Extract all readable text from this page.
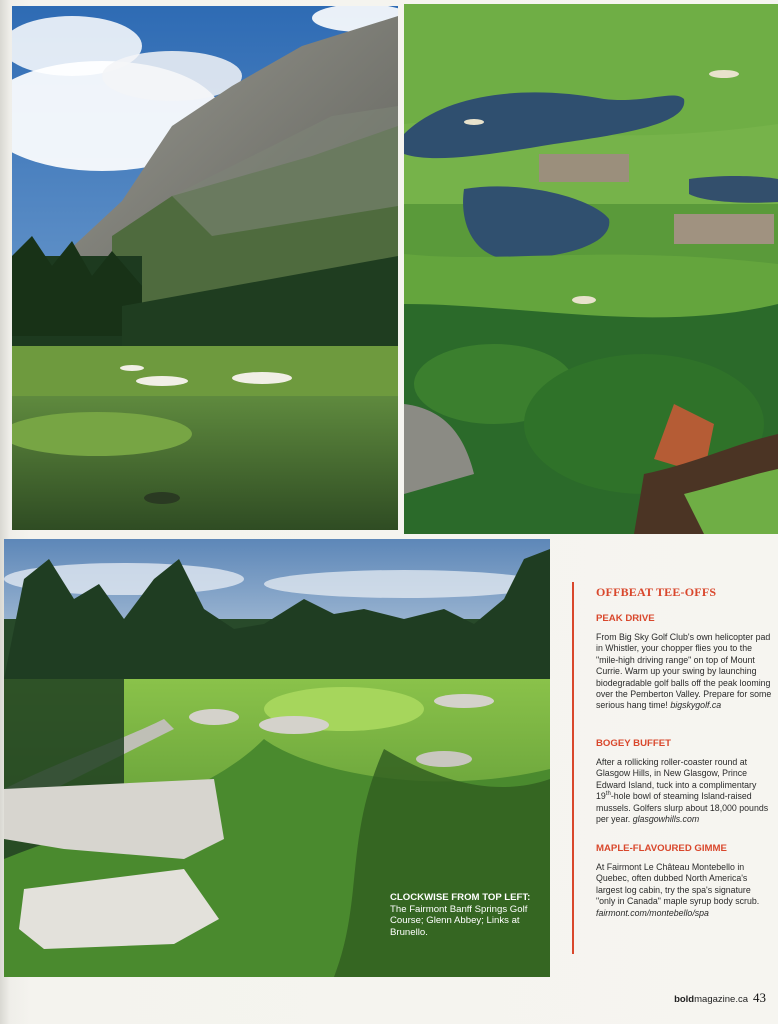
CLOCKWISE FROM TOP LEFT: The Fairmont Banff Springs Golf Course; Glenn Abbey; Links at Brunello.
OFFBEAT TEE-OFFS
PEAK DRIVE
From Big Sky Golf Club's own helicopter pad in Whistler, your chopper flies you to the "mile-high driving range" on top of Mount Currie. Warm up your swing by launching biodegradable golf balls off the peak looming over the Pemberton Valley. Prepare for some serious hang time! bigskygolf.ca
BOGEY BUFFET
After a rollicking roller-coaster round at Glasgow Hills, in New Glasgow, Prince Edward Island, tuck into a complimentary 19th-hole bowl of steaming Island-raised mussels. Golfers slurp about 18,000 pounds per year. glasgowhills.com
MAPLE-FLAVOURED GIMME
At Fairmont Le Château Montebello in Quebec, often dubbed North America's largest log cabin, try the spa's signature "only in Canada" maple syrup body scrub. fairmont.com/montebello/spa
boldmagazine.ca 43
